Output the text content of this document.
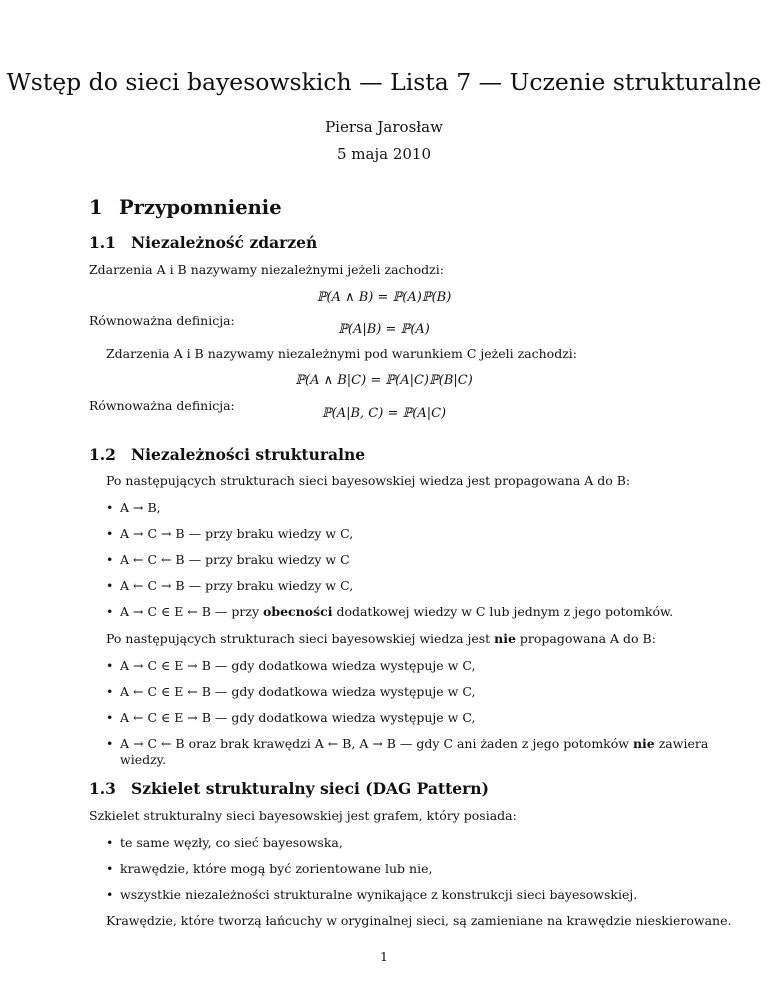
Wstęp do sieci bayesowskich — Lista 7 — Uczenie strukturalne
Piersa Jarosław
5 maja 2010
1 Przypomnienie
1.1 Niezależność zdarzeń
Zdarzenia A i B nazywamy niezależnymi jeżeli zachodzi:
ℙ(A ∧ B) = ℙ(A)ℙ(B)
Równoważna definicja:
ℙ(A|B) = ℙ(A)
Zdarzenia A i B nazywamy niezależnymi pod warunkiem C jeżeli zachodzi:
ℙ(A ∧ B|C) = ℙ(A|C)ℙ(B|C)
Równoważna definicja:
ℙ(A|B, C) = ℙ(A|C)
1.2 Niezależności strukturalne
Po następujących strukturach sieci bayesowskiej wiedza jest propagowana A do B:
• A → B,
• A → C → B — przy braku wiedzy w C,
• A ← C ← B — przy braku wiedzy w C
• A ← C → B — przy braku wiedzy w C,
• A → C ∈ E ← B — przy obecności dodatkowej wiedzy w C lub jednym z jego potomków.
Po następujących strukturach sieci bayesowskiej wiedza jest nie propagowana A do B:
• A → C ∈ E → B — gdy dodatkowa wiedza występuje w C,
• A ← C ∈ E ← B — gdy dodatkowa wiedza występuje w C,
• A ← C ∈ E → B — gdy dodatkowa wiedza występuje w C,
• A → C ← B oraz brak krawędzi A ← B, A → B — gdy C ani żaden z jego potomków nie zawiera
wiedzy.
1.3 Szkielet strukturalny sieci (DAG Pattern)
Szkielet strukturalny sieci bayesowskiej jest grafem, który posiada:
• te same węzły, co sieć bayesowska,
• krawędzie, które mogą być zorientowane lub nie,
• wszystkie niezależności strukturalne wynikające z konstrukcji sieci bayesowskiej.
Krawędzie, które tworzą łańcuchy w oryginalnej sieci, są zamieniane na krawędzie nieskierowane.
1
